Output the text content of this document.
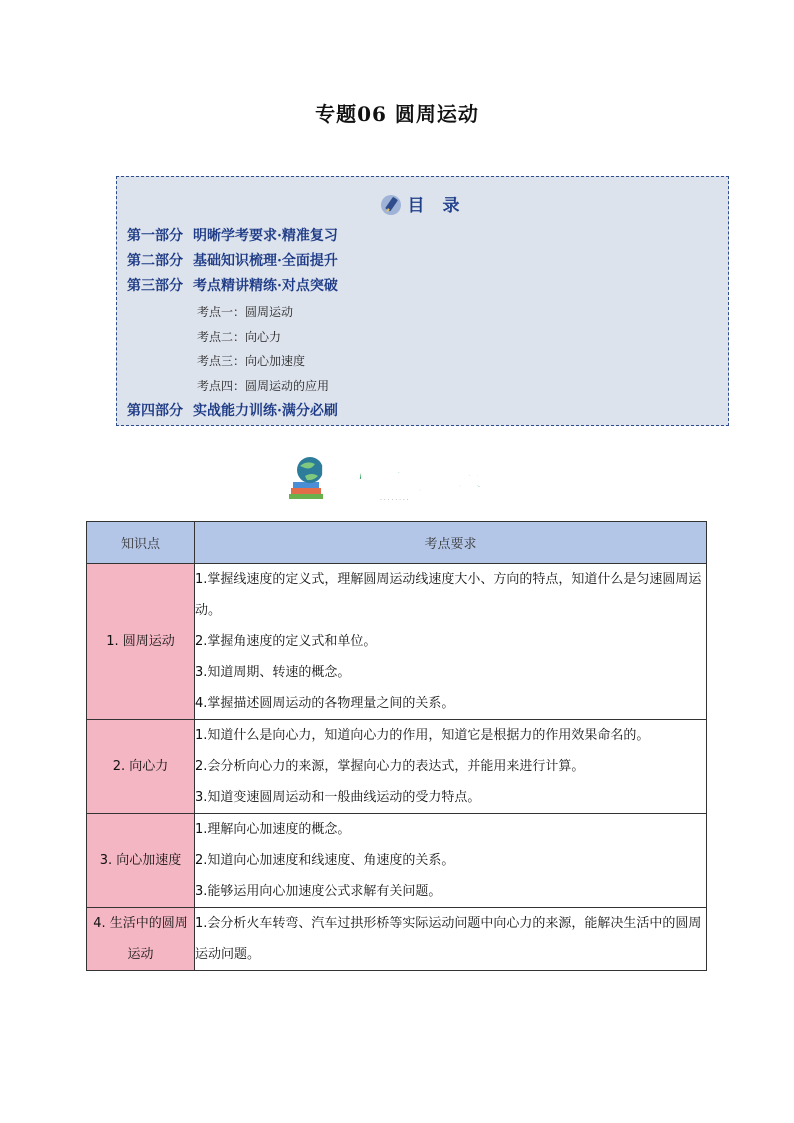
专题06 圆周运动
目 录
第一部分 明晰学考要求·精准复习
第二部分 基础知识梳理·全面提升
第三部分 考点精讲精练·对点突破
考点一：圆周运动
考点二：向心力
考点三：向心加速度
考点四：圆周运动的应用
第四部分 实战能力训练·满分必刷
明晰学考要求
· · · · · · · ·
知识点	考点要求
1. 圆周运动	1.掌握线速度的定义式，理解圆周运动线速度大小、方向的特点，知道什么是匀速圆周运动。
2.掌握角速度的定义式和单位。
3.知道周期、转速的概念。
4.掌握描述圆周运动的各物理量之间的关系。

2. 向心力	1.知道什么是向心力，知道向心力的作用，知道它是根据力的作用效果命名的。
2.会分析向心力的来源，掌握向心力的表达式，并能用来进行计算。
3.知道变速圆周运动和一般曲线运动的受力特点。

3. 向心加速度	1.理解向心加速度的概念。
2.知道向心加速度和线速度、角速度的关系。
3.能够运用向心加速度公式求解有关问题。

4. 生活中的圆周运动	1.会分析火车转弯、汽车过拱形桥等实际运动问题中向心力的来源，能解决生活中的圆周运动问题。
